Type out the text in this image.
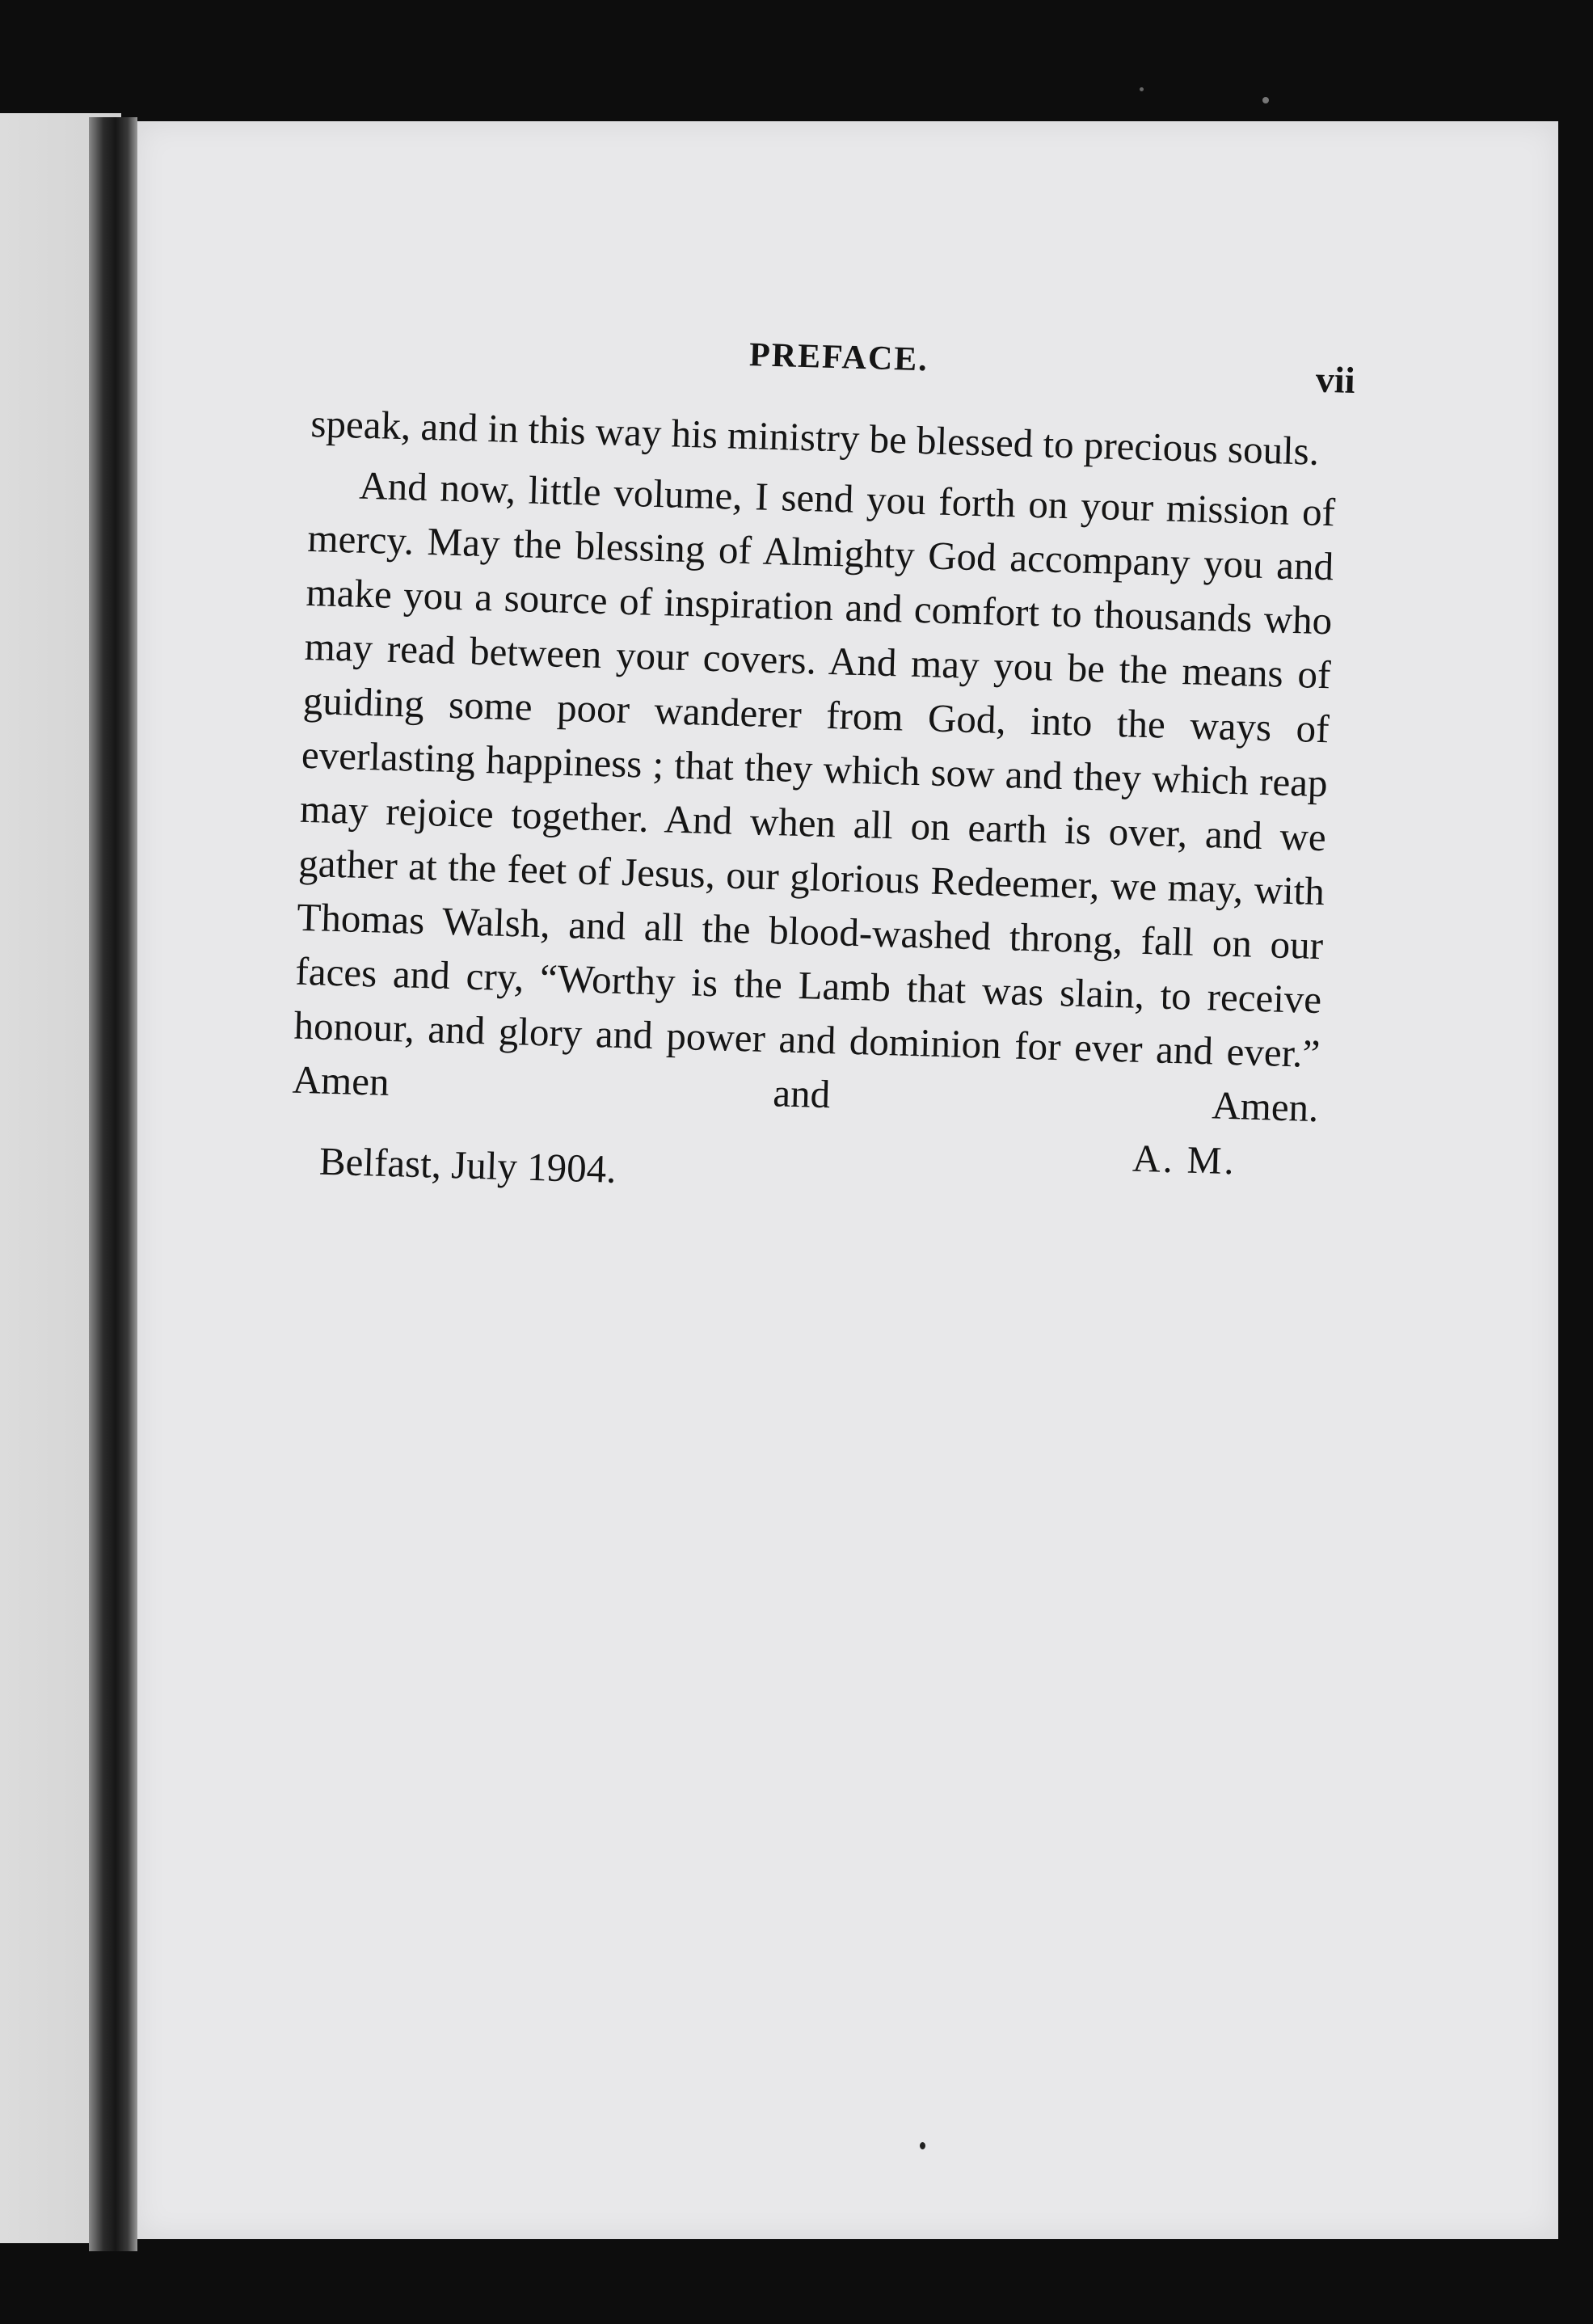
PREFACE.
vii

speak, and in this way his ministry be blessed to precious souls.

And now, little volume, I send you forth on your mission of mercy. May the blessing of Almighty God accompany you and make you a source of inspiration and comfort to thousands who may read between your covers. And may you be the means of guiding some poor wanderer from God, into the ways of everlasting happiness ; that they which sow and they which reap may rejoice together. And when all on earth is over, and we gather at the feet of Jesus, our glorious Redeemer, we may, with Thomas Walsh, and all the blood-washed throng, fall on our faces and cry, “Worthy is the Lamb that was slain, to receive honour, and glory and power and dominion for ever and ever.” Amen and Amen.

A. M.
Belfast, July 1904.
